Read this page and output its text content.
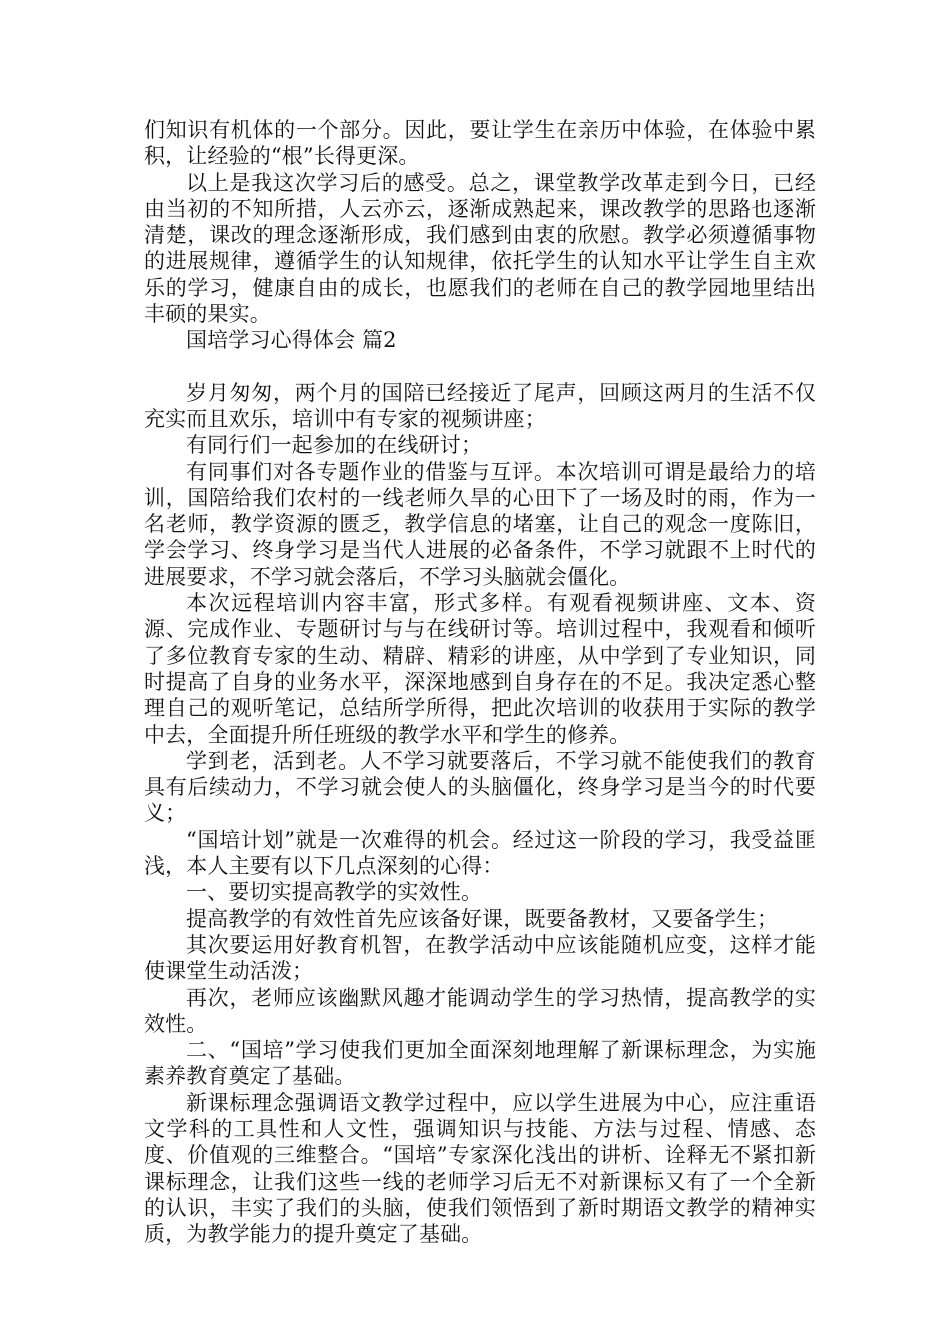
们知识有机体的一个部分。因此，要让学生在亲历中体验，在体验中累积，让经验的“根”长得更深。

以上是我这次学习后的感受。总之，课堂教学改革走到今日，已经由当初的不知所措，人云亦云，逐渐成熟起来，课改教学的思路也逐渐清楚，课改的理念逐渐形成，我们感到由衷的欣慰。教学必须遵循事物的进展规律，遵循学生的认知规律，依托学生的认知水平让学生自主欢乐的学习，健康自由的成长，也愿我们的老师在自己的教学园地里结出丰硕的果实。

国培学习心得体会 篇2

岁月匆匆，两个月的国陪已经接近了尾声，回顾这两月的生活不仅充实而且欢乐，培训中有专家的视频讲座；

有同行们一起参加的在线研讨；

有同事们对各专题作业的借鉴与互评。本次培训可谓是最给力的培训，国陪给我们农村的一线老师久旱的心田下了一场及时的雨，作为一名老师，教学资源的匮乏，教学信息的堵塞，让自己的观念一度陈旧，学会学习、终身学习是当代人进展的必备条件，不学习就跟不上时代的进展要求，不学习就会落后，不学习头脑就会僵化。

本次远程培训内容丰富，形式多样。有观看视频讲座、文本、资源、完成作业、专题研讨与与在线研讨等。培训过程中，我观看和倾听了多位教育专家的生动、精辟、精彩的讲座，从中学到了专业知识，同时提高了自身的业务水平，深深地感到自身存在的不足。我决定悉心整理自己的观听笔记，总结所学所得，把此次培训的收获用于实际的教学中去，全面提升所任班级的教学水平和学生的修养。

学到老，活到老。人不学习就要落后，不学习就不能使我们的教育具有后续动力，不学习就会使人的头脑僵化，终身学习是当今的时代要义；

“国培计划”就是一次难得的机会。经过这一阶段的学习，我受益匪浅，本人主要有以下几点深刻的心得：

一、要切实提高教学的实效性。

提高教学的有效性首先应该备好课，既要备教材，又要备学生；

其次要运用好教育机智，在教学活动中应该能随机应变，这样才能使课堂生动活泼；

再次，老师应该幽默风趣才能调动学生的学习热情，提高教学的实效性。

二、“国培”学习使我们更加全面深刻地理解了新课标理念，为实施素养教育奠定了基础。

新课标理念强调语文教学过程中，应以学生进展为中心，应注重语文学科的工具性和人文性，强调知识与技能、方法与过程、情感、态度、价值观的三维整合。“国培”专家深化浅出的讲析、诠释无不紧扣新课标理念，让我们这些一线的老师学习后无不对新课标又有了一个全新的认识，丰实了我们的头脑，使我们领悟到了新时期语文教学的精神实质，为教学能力的提升奠定了基础。
